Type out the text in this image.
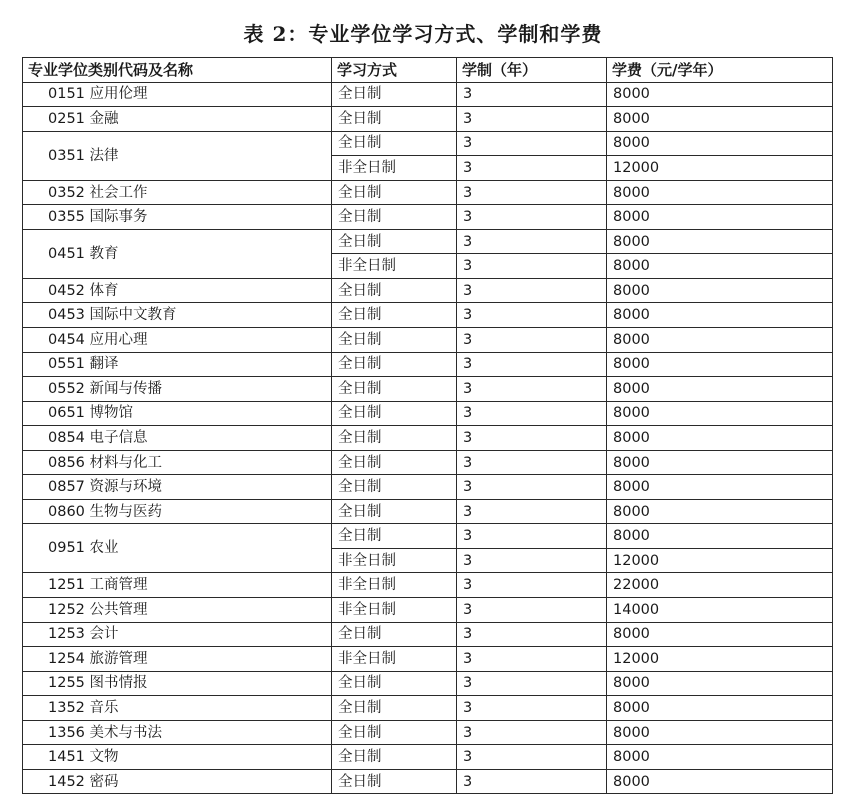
表 2：专业学位学习方式、学制和学费
专业学位类别代码及名称	学习方式	学制（年）	学费（元/学年）
0151 应用伦理	全日制	3	8000
0251 金融	全日制	3	8000
0351 法律	全日制	3	8000
	非全日制	3	12000
0352 社会工作	全日制	3	8000
0355 国际事务	全日制	3	8000
0451 教育	全日制	3	8000
	非全日制	3	8000
0452 体育	全日制	3	8000
0453 国际中文教育	全日制	3	8000
0454 应用心理	全日制	3	8000
0551 翻译	全日制	3	8000
0552 新闻与传播	全日制	3	8000
0651 博物馆	全日制	3	8000
0854 电子信息	全日制	3	8000
0856 材料与化工	全日制	3	8000
0857 资源与环境	全日制	3	8000
0860 生物与医药	全日制	3	8000
0951 农业	全日制	3	8000
	非全日制	3	12000
1251 工商管理	非全日制	3	22000
1252 公共管理	非全日制	3	14000
1253 会计	全日制	3	8000
1254 旅游管理	非全日制	3	12000
1255 图书情报	全日制	3	8000
1352 音乐	全日制	3	8000
1356 美术与书法	全日制	3	8000
1451 文物	全日制	3	8000
1452 密码	全日制	3	8000
